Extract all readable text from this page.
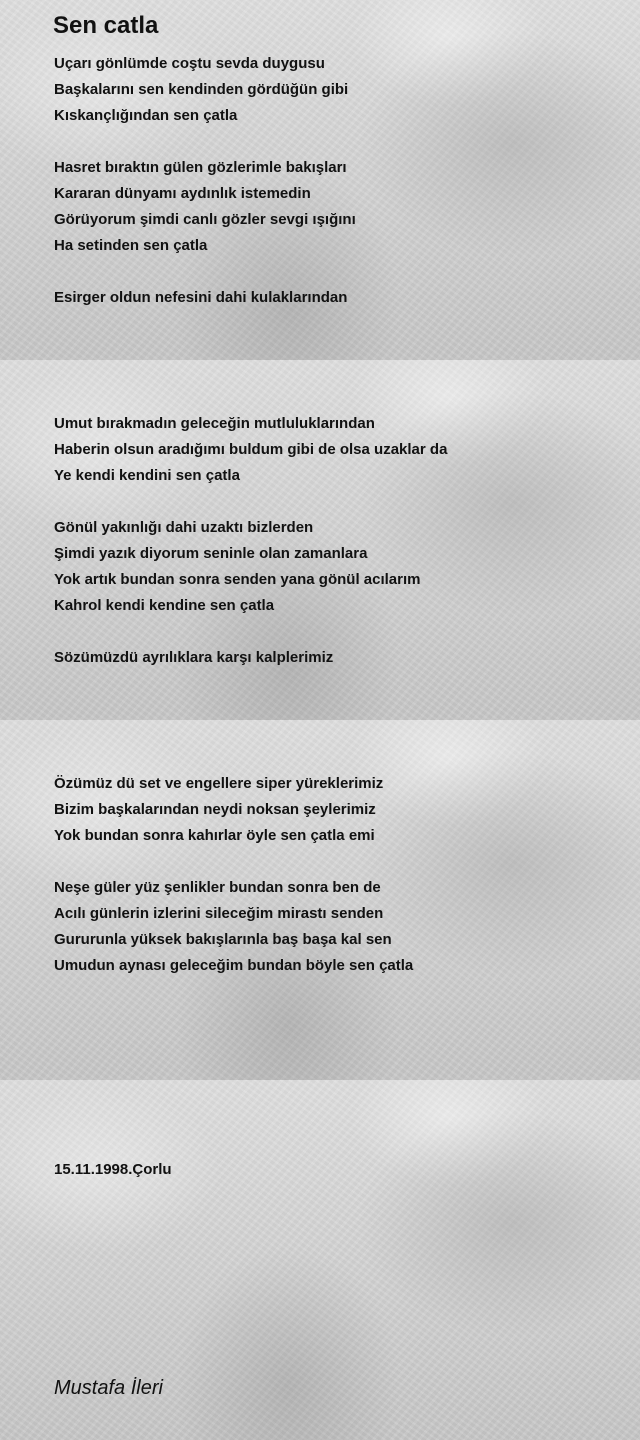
Sen catla
Uçarı gönlümde coştu sevda duygusu
Başkalarını sen kendinden gördüğün gibi
Kıskançlığından sen çatla
Hasret bıraktın gülen gözlerimle bakışları
Kararan dünyamı aydınlık istemedin
Görüyorum şimdi canlı gözler sevgi ışığını
Ha setinden sen çatla
Esirger oldun nefesini dahi kulaklarından
Umut bırakmadın geleceğin mutluluklarından
Haberin olsun aradığımı buldum gibi de olsa uzaklar da
Ye kendi kendini sen çatla
Gönül yakınlığı dahi uzaktı bizlerden
Şimdi yazık diyorum seninle olan zamanlara
Yok artık bundan sonra senden yana gönül acılarım
Kahrol kendi kendine sen çatla
Sözümüzdü ayrılıklara karşı kalplerimiz
Özümüz dü set ve engellere siper yüreklerimiz
Bizim başkalarından neydi noksan şeylerimiz
Yok bundan sonra kahırlar öyle sen çatla emi
Neşe güler yüz şenlikler bundan sonra ben de
Acılı günlerin izlerini sileceğim mirastı senden
Gururunla yüksek bakışlarınla baş başa kal sen
Umudun aynası geleceğim bundan böyle sen çatla
15.11.1998.Çorlu
Mustafa İleri
